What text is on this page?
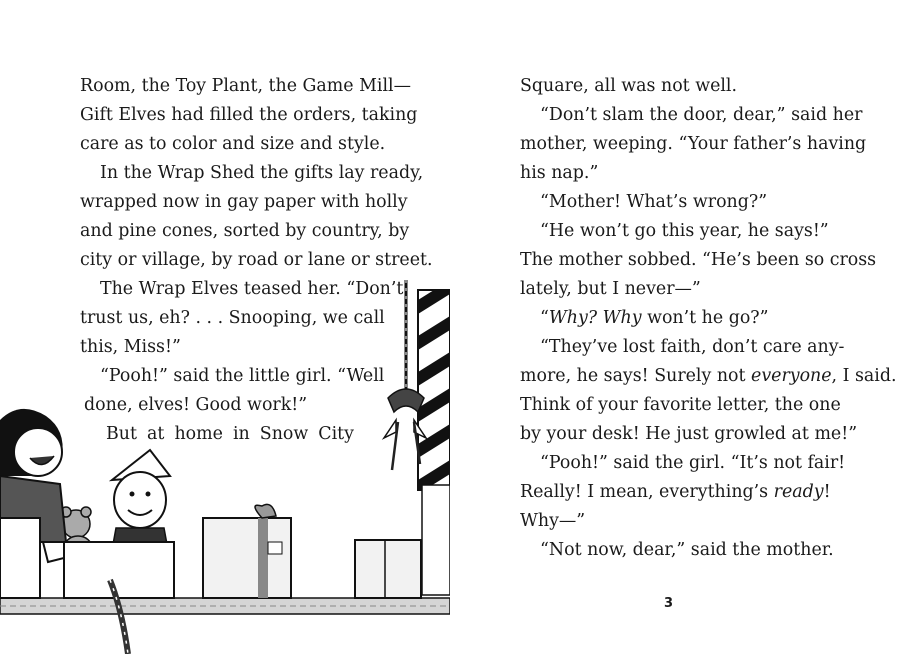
Room, the Toy Plant, the Game Mill—
Gift Elves had filled the orders, taking
care as to color and size and style.
In the Wrap Shed the gifts lay ready,
wrapped now in gay paper with holly
and pine cones, sorted by country, by
city or village, by road or lane or street.
The Wrap Elves teased her. “Don’t
trust us, eh? . . . Snooping, we call
this, Miss!”
“Pooh!” said the little girl. “Well
done, elves! Good work!”
But at home in Snow City
Square, all was not well.
“Don’t slam the door, dear,” said her
mother, weeping. “Your father’s having
his nap.”
“Mother! What’s wrong?”
“He won’t go this year, he says!”
The mother sobbed. “He’s been so cross
lately, but I never—”
“Why? Why won’t he go?”
“They’ve lost faith, don’t care any-
more, he says! Surely not everyone, I said.
Think of your favorite letter, the one
by your desk! He just growled at me!”
“Pooh!” said the girl. “It’s not fair!
Really! I mean, everything’s ready!
Why—”
“Not now, dear,” said the mother.
3
